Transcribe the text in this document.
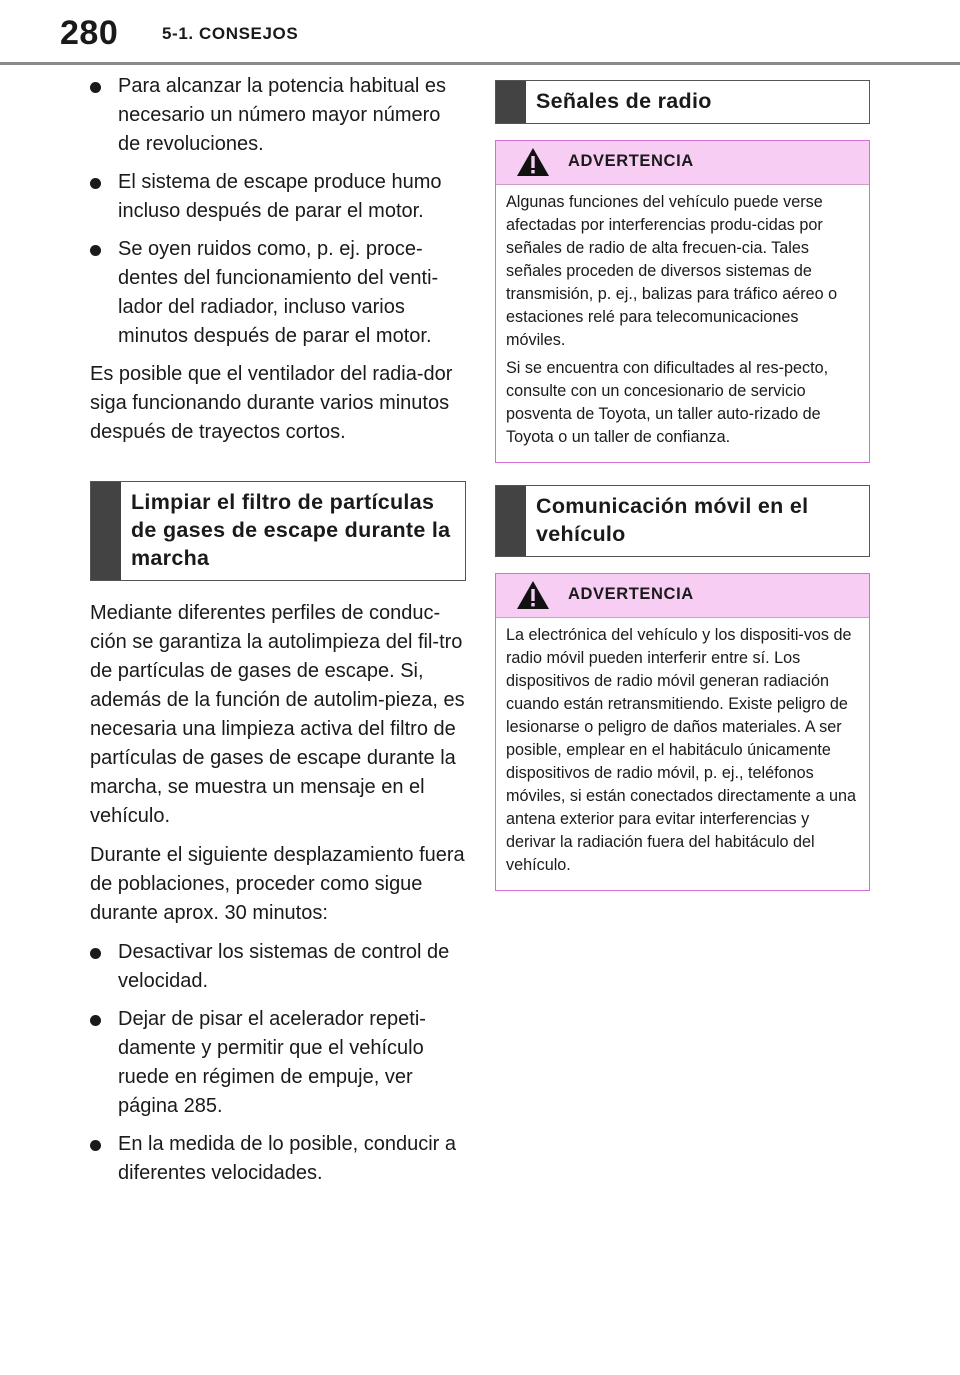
280	5-1. CONSEJOS
Para alcanzar la potencia habitual es necesario un número mayor número de revoluciones.
El sistema de escape produce humo incluso después de parar el motor.
Se oyen ruidos como, p. ej. proce-dentes del funcionamiento del venti-lador del radiador, incluso varios minutos después de parar el motor.

Es posible que el ventilador del radia-dor siga funcionando durante varios minutos después de trayectos cortos.

Limpiar el filtro de partículas de gases de escape durante la marcha

Mediante diferentes perfiles de conduc-ción se garantiza la autolimpieza del fil-tro de partículas de gases de escape. Si, además de la función de autolim-pieza, es necesaria una limpieza activa del filtro de partículas de gases de escape durante la marcha, se muestra un mensaje en el vehículo.

Durante el siguiente desplazamiento fuera de poblaciones, proceder como sigue durante aprox. 30 minutos:

Desactivar los sistemas de control de velocidad.
Dejar de pisar el acelerador repeti-damente y permitir que el vehículo ruede en régimen de empuje, ver página 285.
En la medida de lo posible, conducir a diferentes velocidades.
Señales de radio
ADVERTENCIA

Algunas funciones del vehículo puede verse afectadas por interferencias produ-cidas por señales de radio de alta frecuen-cia. Tales señales proceden de diversos sistemas de transmisión, p. ej., balizas para tráfico aéreo o estaciones relé para telecomunicaciones móviles.

Si se encuentra con dificultades al res-pecto, consulte con un concesionario de servicio posventa de Toyota, un taller auto-rizado de Toyota o un taller de confianza.

Comunicación móvil en el vehículo
ADVERTENCIA

La electrónica del vehículo y los dispositi-vos de radio móvil pueden interferir entre sí. Los dispositivos de radio móvil generan radiación cuando están retransmitiendo. Existe peligro de lesionarse o peligro de daños materiales. A ser posible, emplear en el habitáculo únicamente dispositivos de radio móvil, p. ej., teléfonos móviles, si están conectados directamente a una antena exterior para evitar interferencias y derivar la radiación fuera del habitáculo del vehículo.
